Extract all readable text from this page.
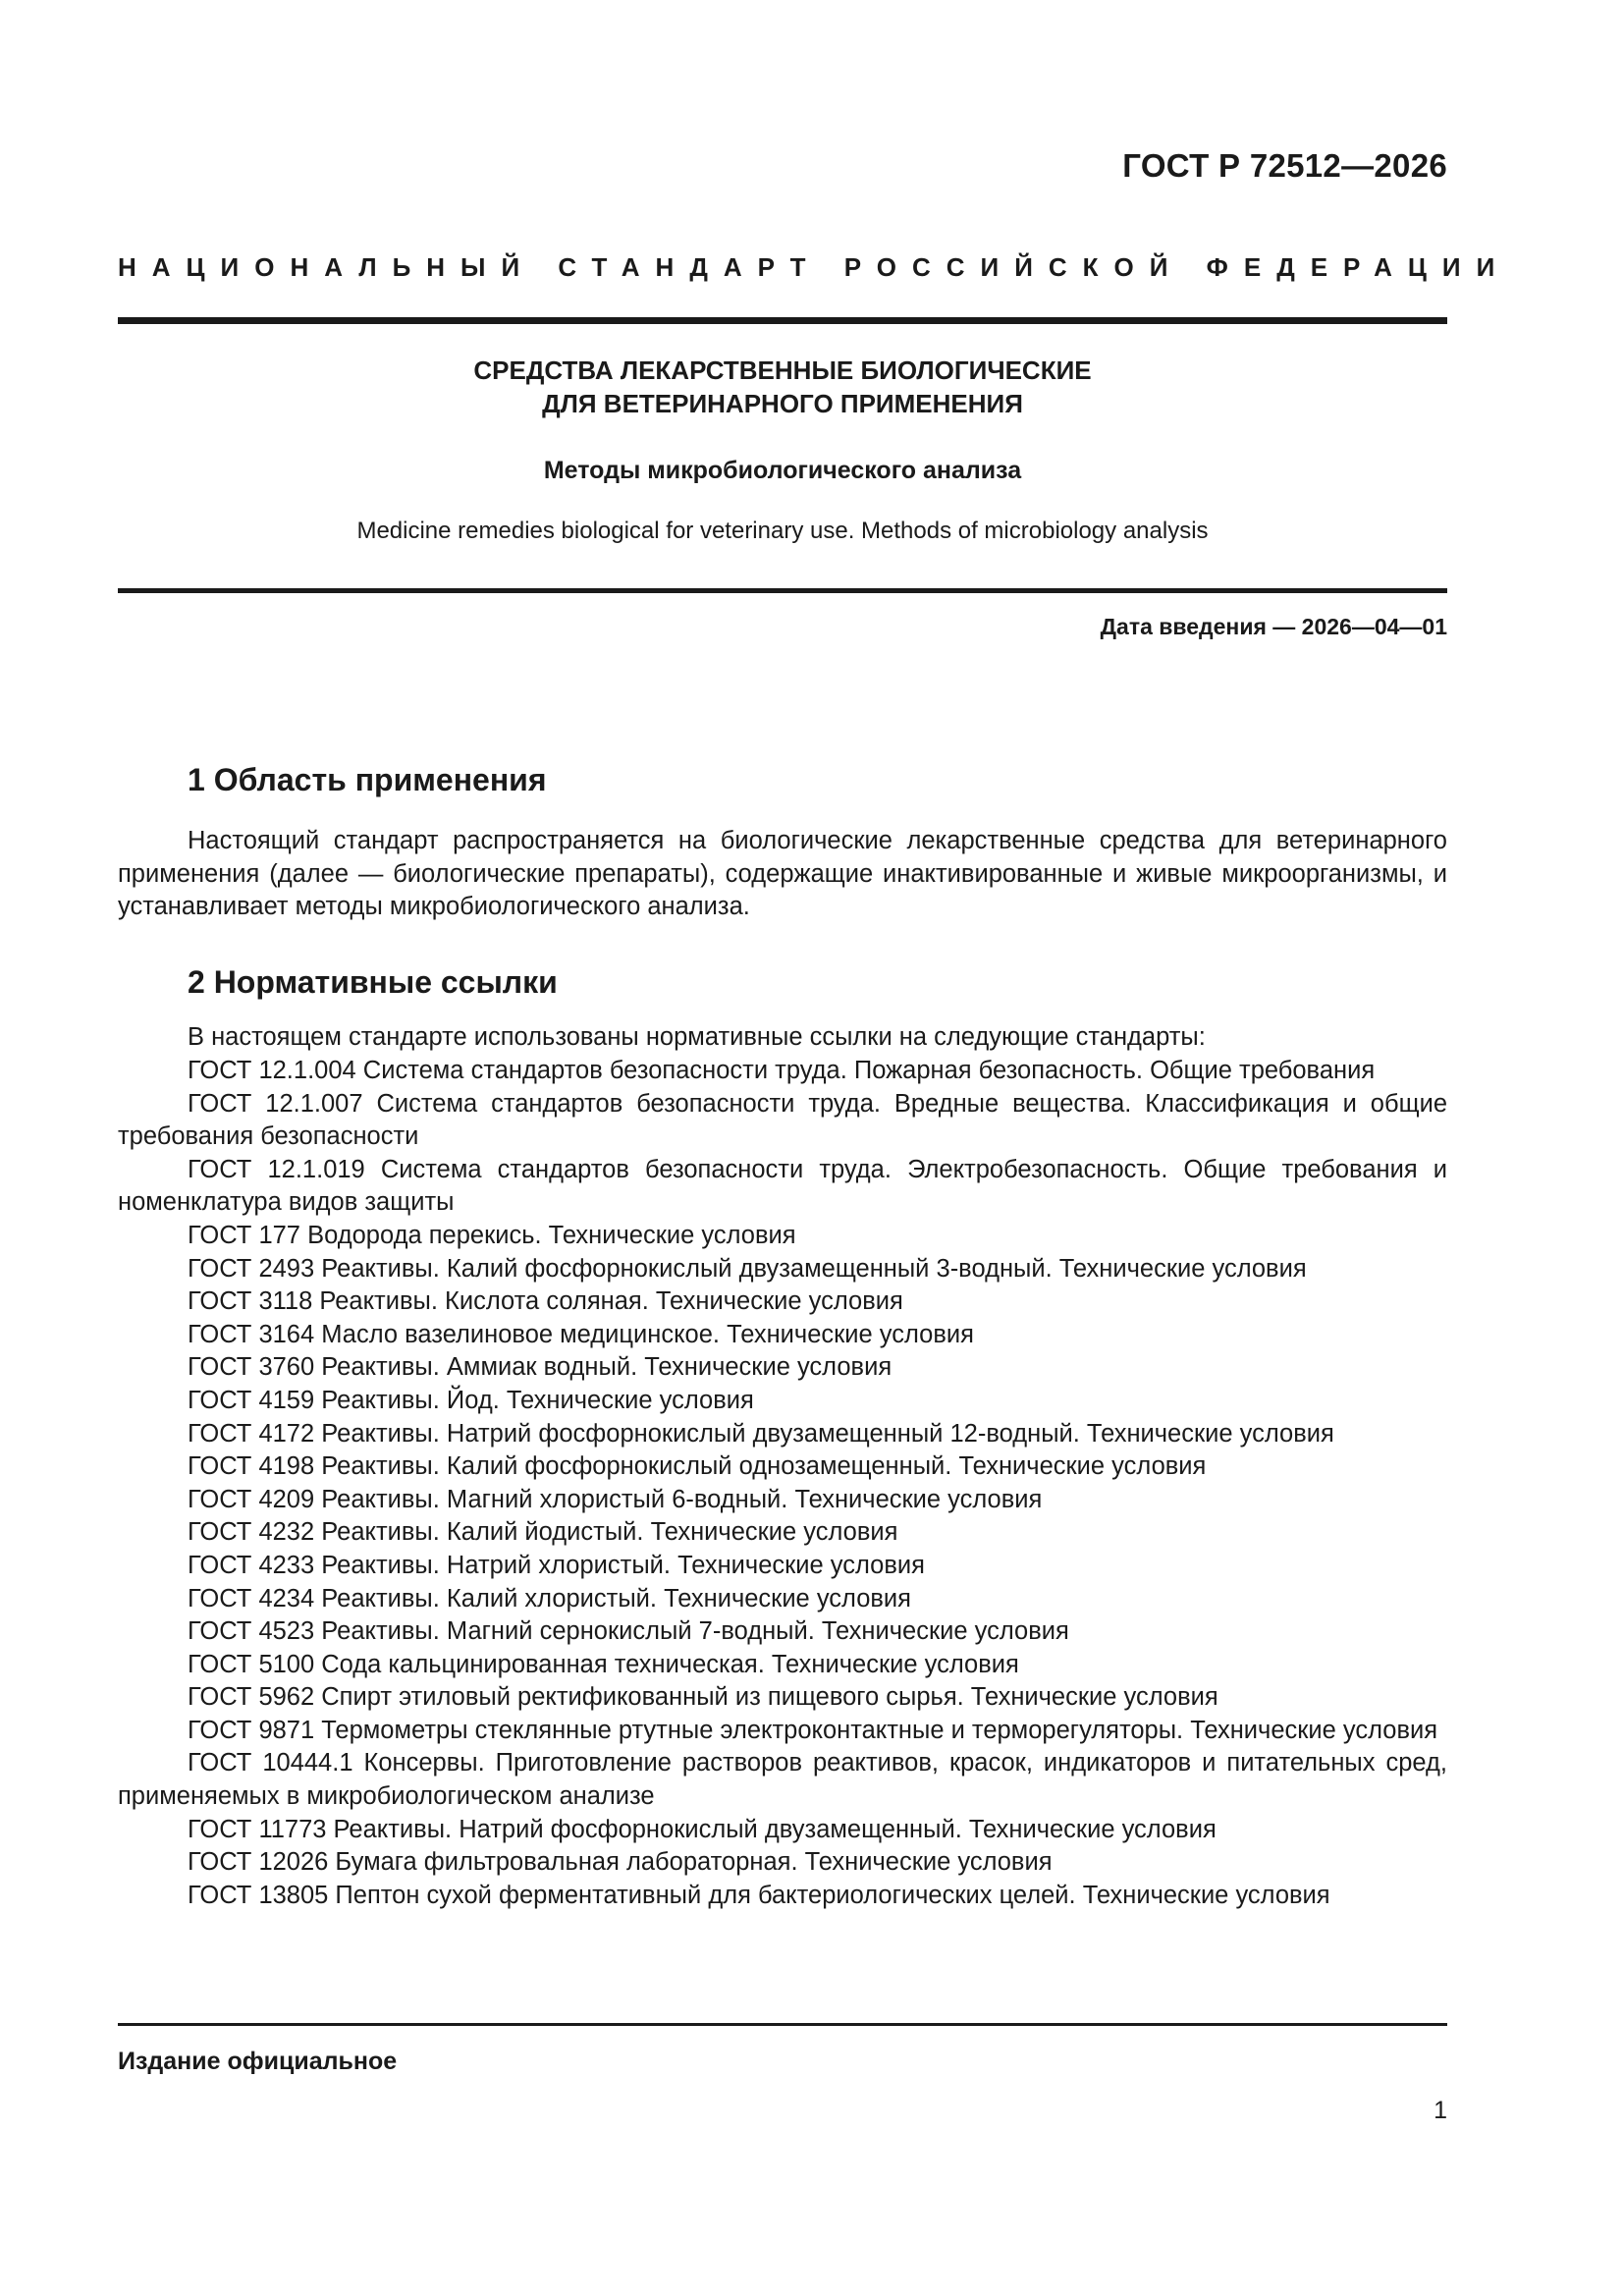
ГОСТ Р 72512—2026
НАЦИОНАЛЬНЫЙ СТАНДАРТ РОССИЙСКОЙ ФЕДЕРАЦИИ
СРЕДСТВА ЛЕКАРСТВЕННЫЕ БИОЛОГИЧЕСКИЕ
ДЛЯ ВЕТЕРИНАРНОГО ПРИМЕНЕНИЯ
Методы микробиологического анализа
Medicine remedies biological for veterinary use. Methods of microbiology analysis
Дата введения — 2026—04—01
1 Область применения
Настоящий стандарт распространяется на биологические лекарственные средства для ветеринарного применения (далее — биологические препараты), содержащие инактивированные и живые микроорганизмы, и устанавливает методы микробиологического анализа.
2 Нормативные ссылки
В настоящем стандарте использованы нормативные ссылки на следующие стандарты:
ГОСТ 12.1.004 Система стандартов безопасности труда. Пожарная безопасность. Общие требования
ГОСТ 12.1.007 Система стандартов безопасности труда. Вредные вещества. Классификация и общие требования безопасности
ГОСТ 12.1.019 Система стандартов безопасности труда. Электробезопасность. Общие требования и номенклатура видов защиты
ГОСТ 177 Водорода перекись. Технические условия
ГОСТ 2493 Реактивы. Калий фосфорнокислый двузамещенный 3-водный. Технические условия
ГОСТ 3118 Реактивы. Кислота соляная. Технические условия
ГОСТ 3164 Масло вазелиновое медицинское. Технические условия
ГОСТ 3760 Реактивы. Аммиак водный. Технические условия
ГОСТ 4159 Реактивы. Йод. Технические условия
ГОСТ 4172 Реактивы. Натрий фосфорнокислый двузамещенный 12-водный. Технические условия
ГОСТ 4198 Реактивы. Калий фосфорнокислый однозамещенный. Технические условия
ГОСТ 4209 Реактивы. Магний хлористый 6-водный. Технические условия
ГОСТ 4232 Реактивы. Калий йодистый. Технические условия
ГОСТ 4233 Реактивы. Натрий хлористый. Технические условия
ГОСТ 4234 Реактивы. Калий хлористый. Технические условия
ГОСТ 4523 Реактивы. Магний сернокислый 7-водный. Технические условия
ГОСТ 5100 Сода кальцинированная техническая. Технические условия
ГОСТ 5962 Спирт этиловый ректификованный из пищевого сырья. Технические условия
ГОСТ 9871 Термометры стеклянные ртутные электроконтактные и терморегуляторы. Технические условия
ГОСТ 10444.1 Консервы. Приготовление растворов реактивов, красок, индикаторов и питательных сред, применяемых в микробиологическом анализе
ГОСТ 11773 Реактивы. Натрий фосфорнокислый двузамещенный. Технические условия
ГОСТ 12026 Бумага фильтровальная лабораторная. Технические условия
ГОСТ 13805 Пептон сухой ферментативный для бактериологических целей. Технические условия
Издание официальное
1
